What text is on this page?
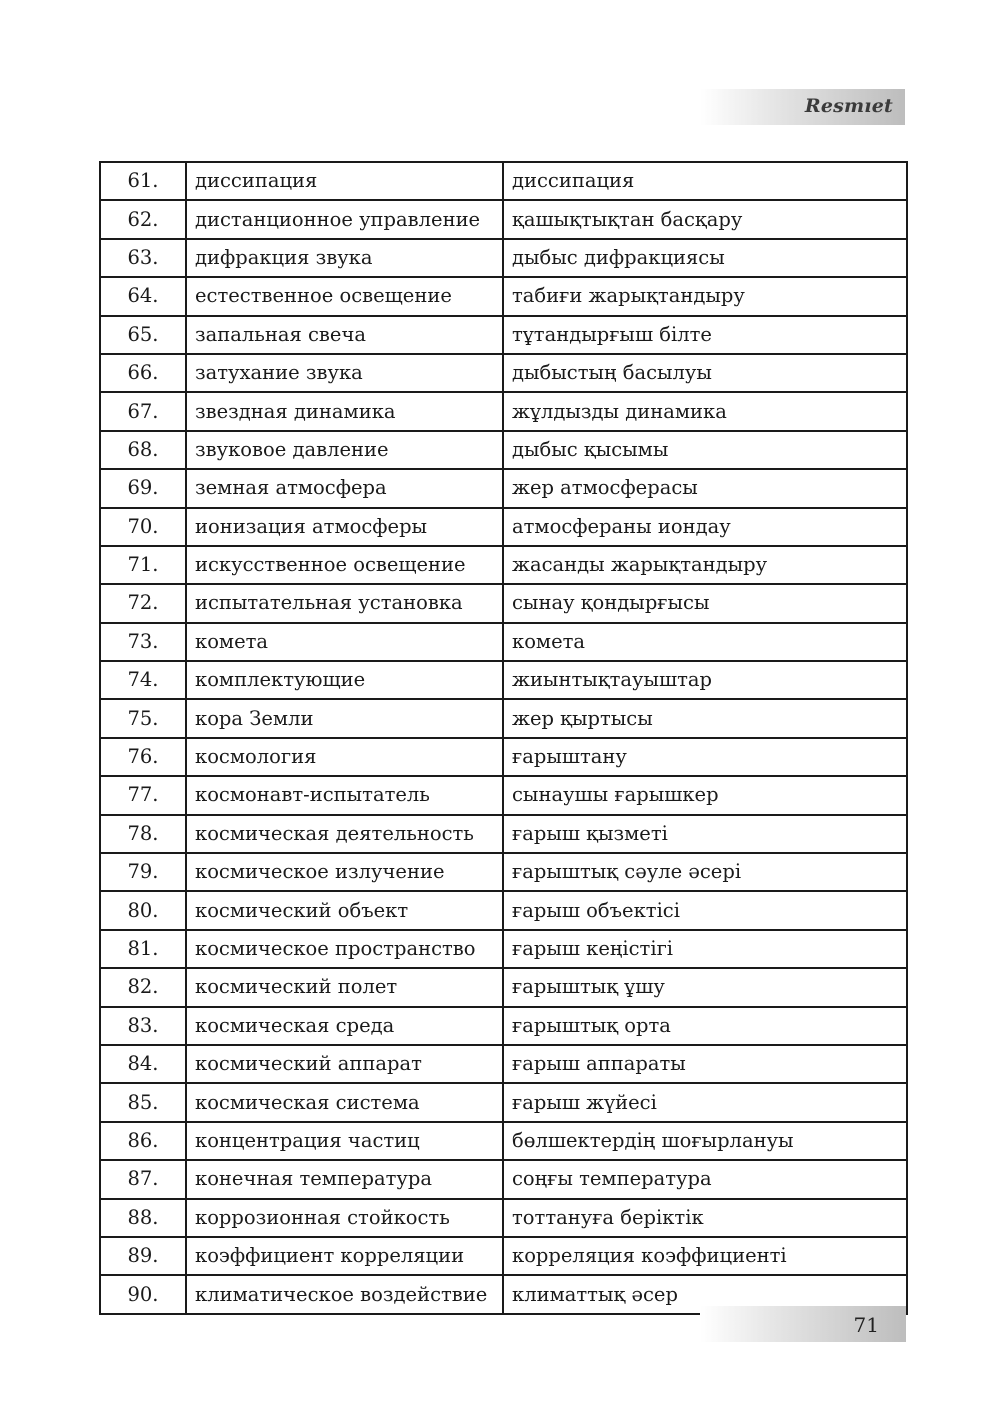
Resmıet
61.	диссипация	диссипация
62.	дистанционное управление	қашықтықтан басқару
63.	дифракция звука	дыбыс дифракциясы
64.	естественное освещение	табиғи жарықтандыру
65.	запальная свеча	тұтандырғыш білте
66.	затухание звука	дыбыстың басылуы
67.	звездная динамика	жұлдызды динамика
68.	звуковое давление	дыбыс қысымы
69.	земная атмосфера	жер атмосферасы
70.	ионизация атмосферы	атмосфераны иондау
71.	искусственное освещение	жасанды жарықтандыру
72.	испытательная установка	сынау қондырғысы
73.	комета	комета
74.	комплектующие	жиынтықтауыштар
75.	кора Земли	жер қыртысы
76.	космология	ғарыштану
77.	космонавт-испытатель	сынаушы ғарышкер
78.	космическая деятельность	ғарыш қызметі
79.	космическое излучение	ғарыштық сәуле әсері
80.	космический объект	ғарыш объектісі
81.	космическое пространство	ғарыш кеңістігі
82.	космический полет	ғарыштық ұшу
83.	космическая среда	ғарыштық орта
84.	космический аппарат	ғарыш аппараты
85.	космическая система	ғарыш жүйесі
86.	концентрация частиц	бөлшектердің шоғырлануы
87.	конечная температура	соңғы температура
88.	коррозионная стойкость	тоттануға беріктік
89.	коэффициент корреляции	корреляция коэффициенті
90.	климатическое воздействие	климаттық әсер
71
